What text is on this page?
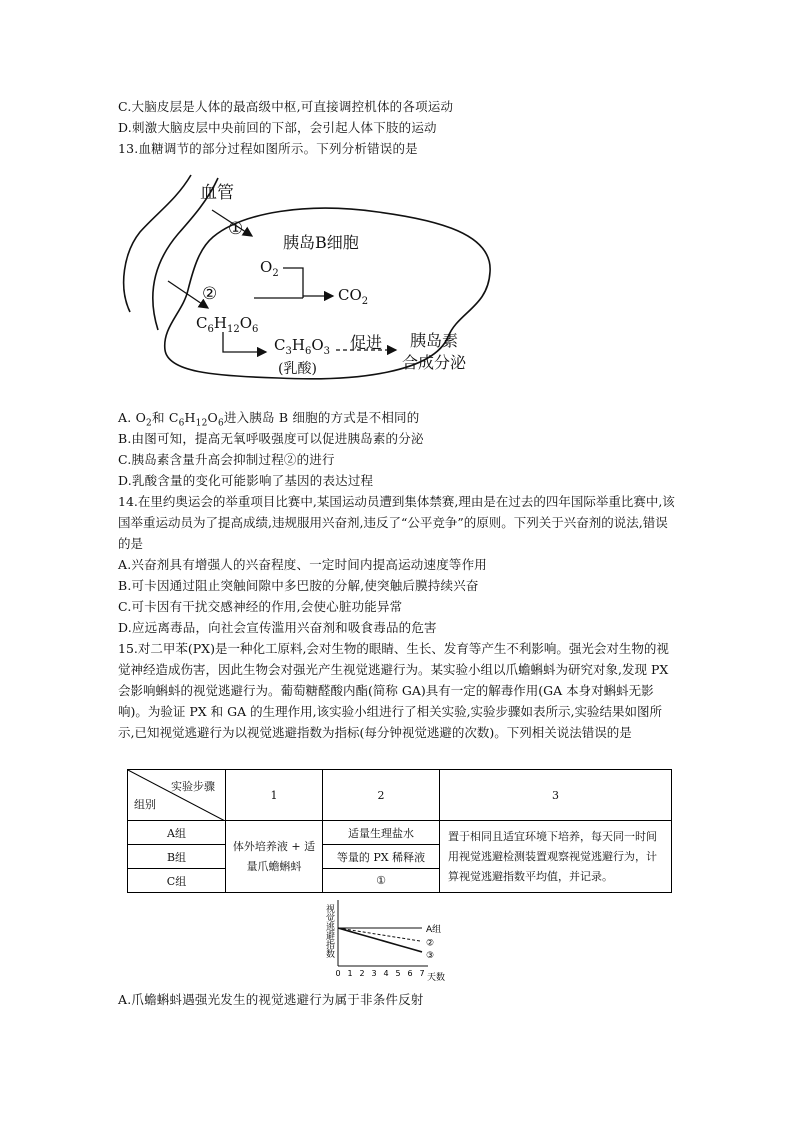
C.大脑皮层是人体的最高级中枢,可直接调控机体的各项运动
D.刺激大脑皮层中央前回的下部，会引起人体下肢的运动
13.血糖调节的部分过程如图所示。下列分析错误的是
血管
胰岛B细胞
①
②
$O_2$
$CO_2$
$C_6H_{12}O_6$
$C_3H_6O_3$
(乳酸)
促进 胰岛素
合成分泌
A. $O_2$和 $C_6H_{12}O_6$进入胰岛 B 细胞的方式是不相同的
B.由图可知，提高无氧呼吸强度可以促进胰岛素的分泌
C.胰岛素含量升高会抑制过程②的进行
D.乳酸含量的变化可能影响了基因的表达过程
14.在里约奥运会的举重项目比赛中,某国运动员遭到集体禁赛,理由是在过去的四年国际举重比赛中,该国举重运动员为了提高成绩,违规服用兴奋剂,违反了“公平竞争”的原则。下列关于兴奋剂的说法,错误的是
A.兴奋剂具有增强人的兴奋程度、一定时间内提高运动速度等作用
B.可卡因通过阻止突触间隙中多巴胺的分解,使突触后膜持续兴奋
C.可卡因有干扰交感神经的作用,会使心脏功能异常
D.应远离毒品，向社会宣传滥用兴奋剂和吸食毒品的危害
15.对二甲苯(PX)是一种化工原料,会对生物的眼睛、生长、发育等产生不利影响。强光会对生物的视觉神经造成伤害，因此生物会对强光产生视觉逃避行为。某实验小组以爪蟾蝌蚪为研究对象,发现 PX 会影响蝌蚪的视觉逃避行为。葡萄糖醛酸内酯(简称 GA)具有一定的解毒作用(GA 本身对蝌蚪无影响)。为验证 PX 和 GA 的生理作用,该实验小组进行了相关实验,实验步骤如表所示,实验结果如图所示,已知视觉逃避行为以视觉逃避指数为指标(每分钟视觉逃避的次数)。下列相关说法错误的是
实验步骤
组别	1	2	3
A组	体外培养液 + 适量爪蟾蝌蚪	适量生理盐水	置于相同且适宜环境下培养，每天同一时间用视觉逃避检测装置观察视觉逃避行为，计算视觉逃避指数平均值，并记录。
B组		等量的 PX 稀释液	
C组		①	
视觉逃避指数
0 1 2 3 4 5 6 7 天数
A组
②
③
A.爪蟾蝌蚪遇强光发生的视觉逃避行为属于非条件反射
